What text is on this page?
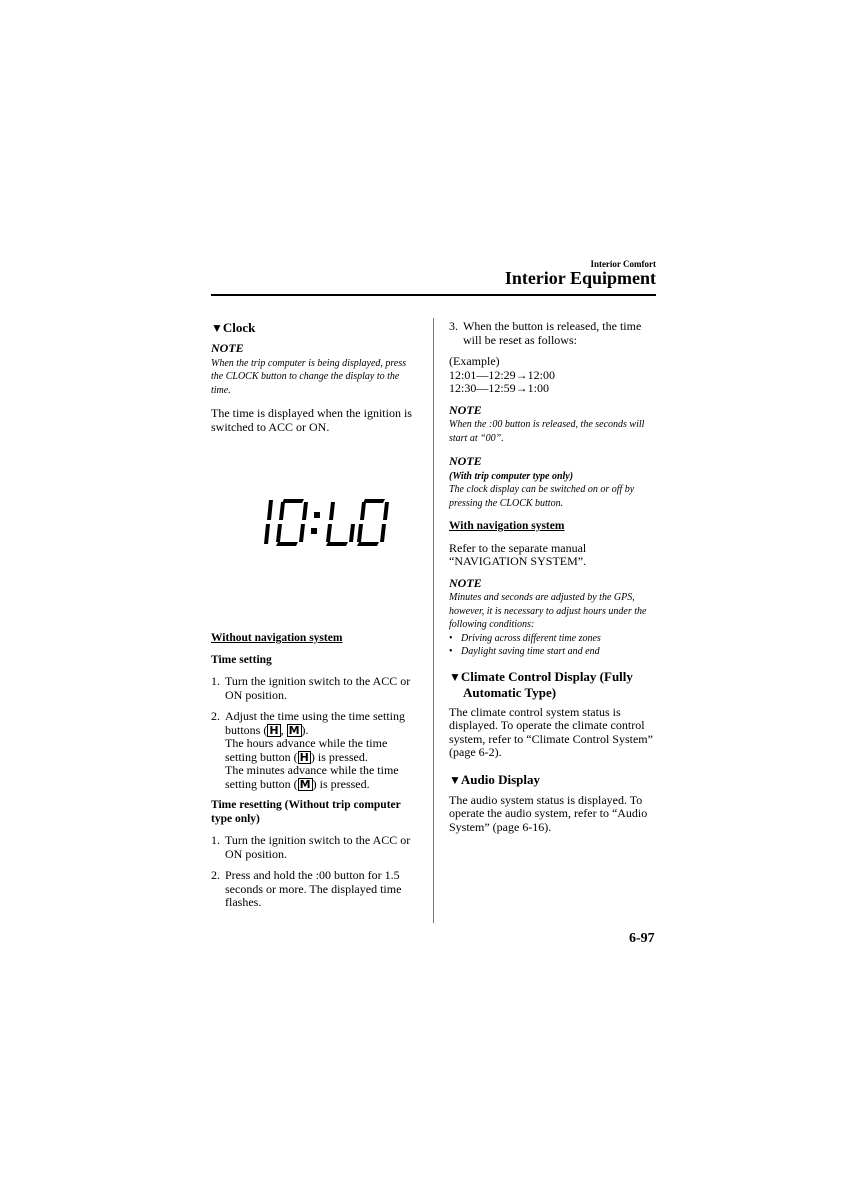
Interior Comfort
Interior Equipment
▼Clock
NOTE
When the trip computer is being displayed, press the CLOCK button to change the display to the time.

The time is displayed when the ignition is switched to ACC or ON.

Without navigation system
Time setting
1. Turn the ignition switch to the ACC or ON position.
2. Adjust the time using the time setting buttons ( H , M ).
The hours advance while the time setting button ( H ) is pressed.
The minutes advance while the time setting button ( M ) is pressed.
Time resetting (Without trip computer type only)
1. Turn the ignition switch to the ACC or ON position.
2. Press and hold the :00 button for 1.5 seconds or more. The displayed time flashes.
10:00
3. When the button is released, the time will be reset as follows:
(Example)
12:01—12:29→12:00
12:30—12:59→1:00
NOTE
When the :00 button is released, the seconds will start at “00”.
NOTE
(With trip computer type only)
The clock display can be switched on or off by pressing the CLOCK button.
With navigation system

Refer to the separate manual “NAVIGATION SYSTEM”.

NOTE
Minutes and seconds are adjusted by the GPS, however, it is necessary to adjust hours under the following conditions:
• Driving across different time zones
• Daylight saving time start and end
▼Climate Control Display (Fully Automatic Type)

The climate control system status is displayed. To operate the climate control system, refer to “Climate Control System” (page 6-2).

▼Audio Display

The audio system status is displayed. To operate the audio system, refer to “Audio System” (page 6-16).

6-97
